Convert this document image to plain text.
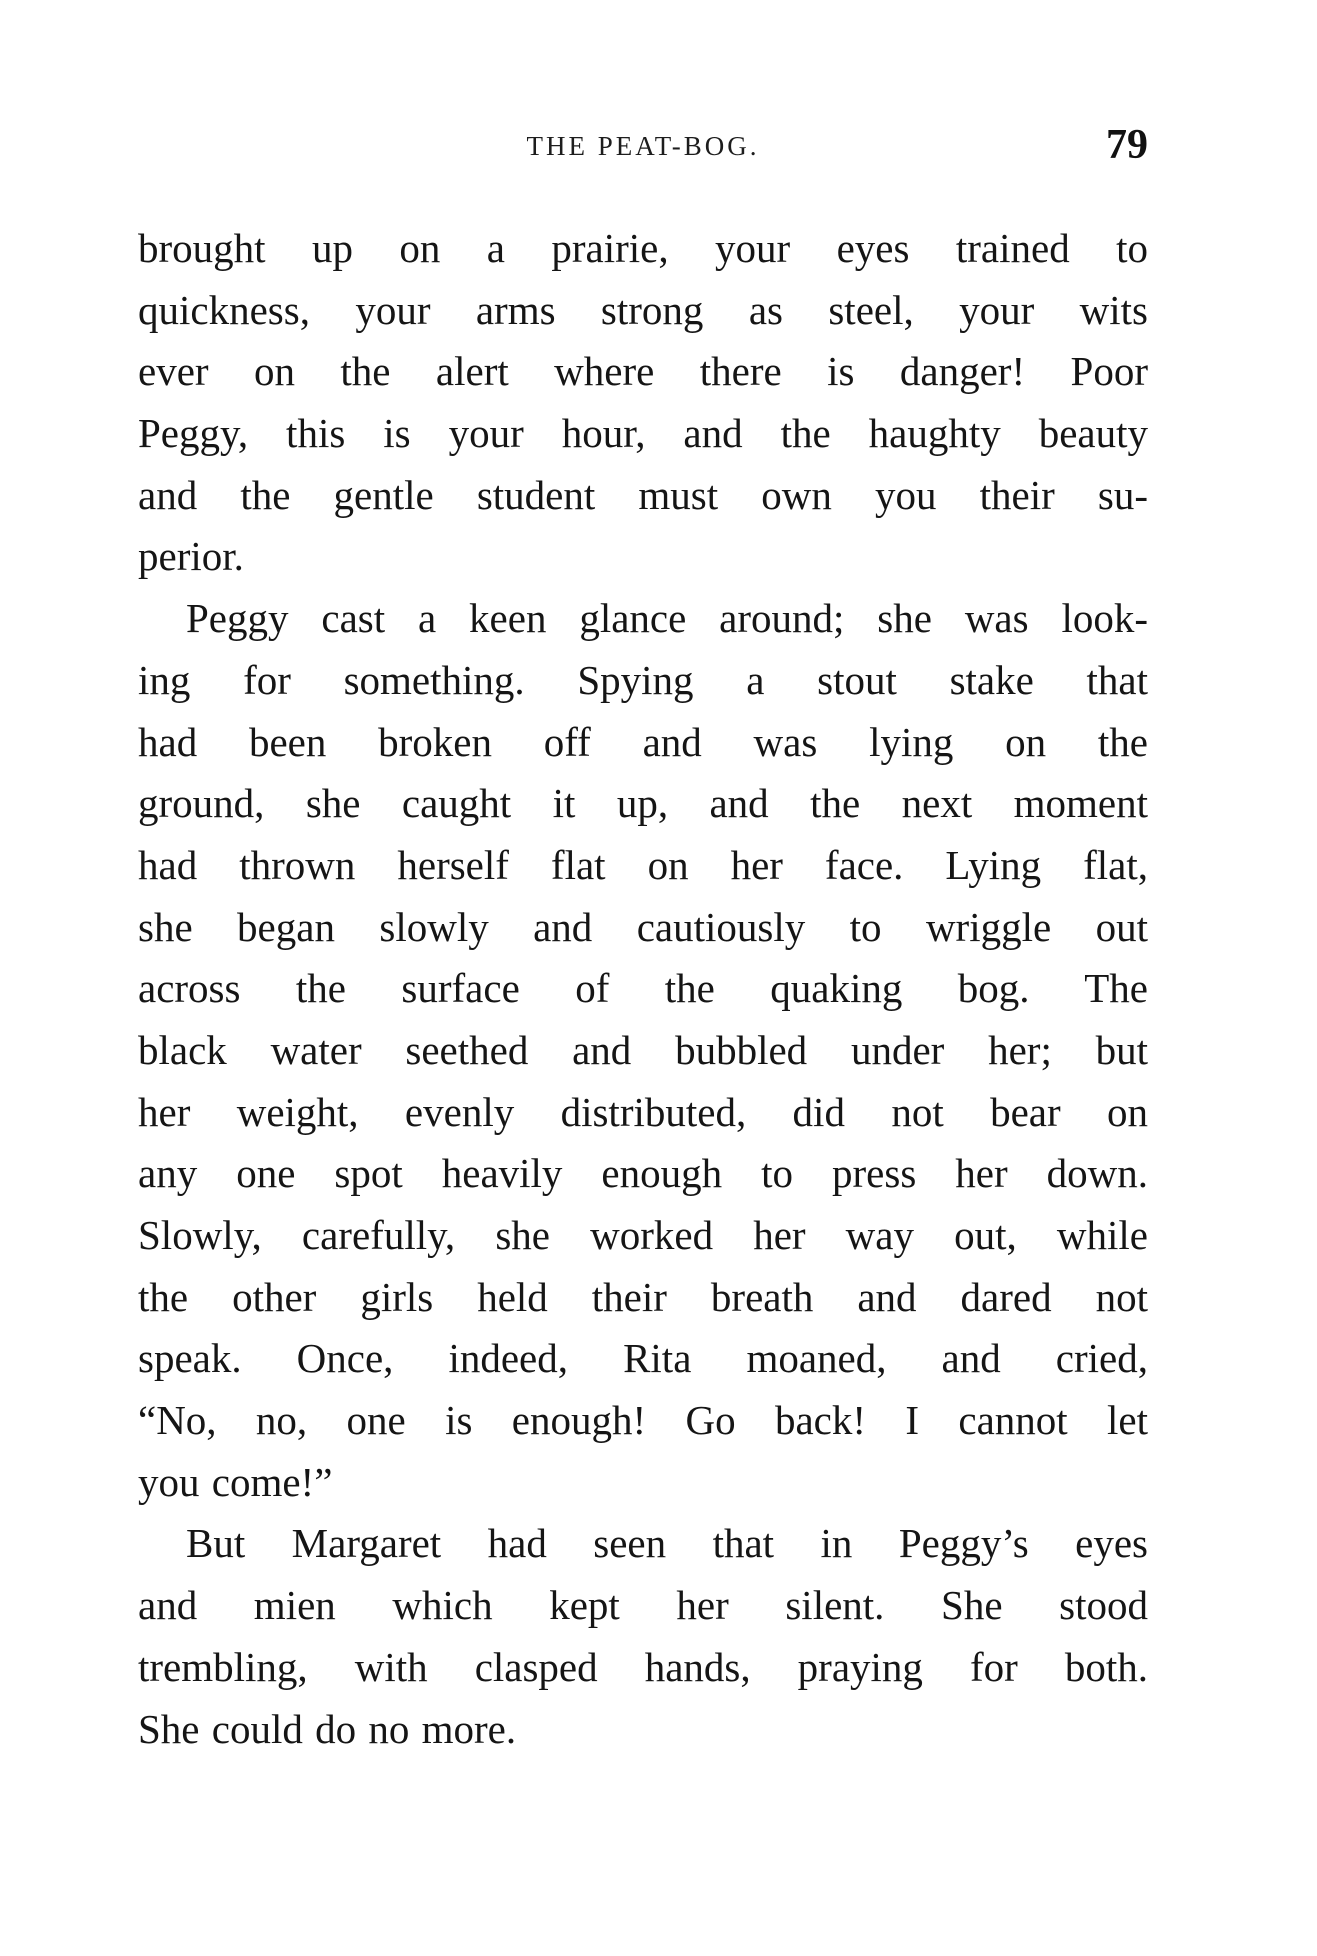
THE PEAT-BOG.	79
brought up on a prairie, your eyes trained to
quickness, your arms strong as steel, your wits
ever on the alert where there is danger! Poor
Peggy, this is your hour, and the haughty beauty
and the gentle student must own you their su-
perior.
Peggy cast a keen glance around; she was look-
ing for something. Spying a stout stake that
had been broken off and was lying on the
ground, she caught it up, and the next moment
had thrown herself flat on her face. Lying flat,
she began slowly and cautiously to wriggle out
across the surface of the quaking bog. The
black water seethed and bubbled under her; but
her weight, evenly distributed, did not bear on
any one spot heavily enough to press her down.
Slowly, carefully, she worked her way out, while
the other girls held their breath and dared not
speak. Once, indeed, Rita moaned, and cried,
“No, no, one is enough! Go back! I cannot let
you come!”
But Margaret had seen that in Peggy’s eyes
and mien which kept her silent. She stood
trembling, with clasped hands, praying for both.
She could do no more.
